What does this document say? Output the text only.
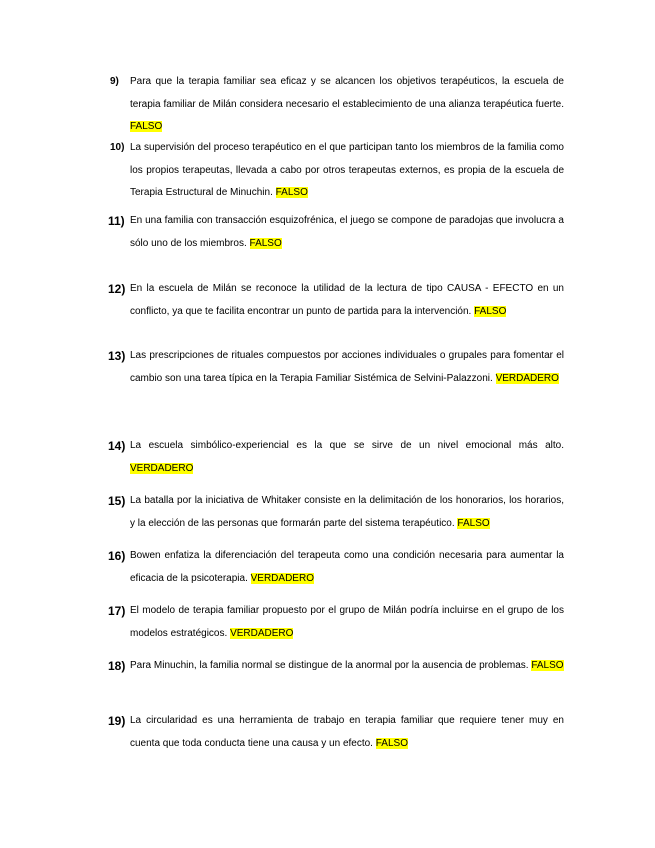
9) Para que la terapia familiar sea eficaz y se alcancen los objetivos terapéuticos, la escuela de terapia familiar de Milán considera necesario el establecimiento de una alianza terapéutica fuerte. FALSO

10) La supervisión del proceso terapéutico en el que participan tanto los miembros de la familia como los propios terapeutas, llevada a cabo por otros terapeutas externos, es propia de la escuela de Terapia Estructural de Minuchin. FALSO

11) En una familia con transacción esquizofrénica, el juego se compone de paradojas que involucra a sólo uno de los miembros. FALSO

12) En la escuela de Milán se reconoce la utilidad de la lectura de tipo CAUSA - EFECTO en un conflicto, ya que te facilita encontrar un punto de partida para la intervención. FALSO

13) Las prescripciones de rituales compuestos por acciones individuales o grupales para fomentar el cambio son una tarea típica en la Terapia Familiar Sistémica de Selvini-Palazzoni. VERDADERO

14) La escuela simbólico-experiencial es la que se sirve de un nivel emocional más alto. VERDADERO

15) La batalla por la iniciativa de Whitaker consiste en la delimitación de los honorarios, los horarios, y la elección de las personas que formarán parte del sistema terapéutico. FALSO

16) Bowen enfatiza la diferenciación del terapeuta como una condición necesaria para aumentar la eficacia de la psicoterapia. VERDADERO

17) El modelo de terapia familiar propuesto por el grupo de Milán podría incluirse en el grupo de los modelos estratégicos. VERDADERO

18) Para Minuchin, la familia normal se distingue de la anormal por la ausencia de problemas. FALSO

19) La circularidad es una herramienta de trabajo en terapia familiar que requiere tener muy en cuenta que toda conducta tiene una causa y un efecto. FALSO
